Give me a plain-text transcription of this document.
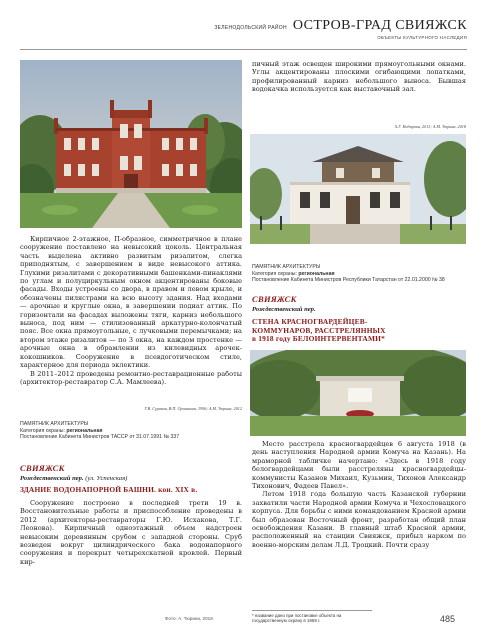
ЗЕЛЕНОДОЛЬСКИЙ РАЙОН ОСТРОВ-ГРАД СВИЯЖСК
ОБЪЕКТЫ КУЛЬТУРНОГО НАСЛЕДИЯ

пичный этаж освещен широкими прямоугольными окнами. Углы акцентированы плоскими огибающими лопатками, профилированный карниз небольшого выноса. Бывшая водокачка используется как выставочный зал.

Х.Г. Надирова, 2013; А.М. Тюрина, 2018

Кирпичное 2-этажное, П-образное, симметричное в плане сооружение поставлено на невысокий цоколь. Центральная часть выделена активно развитым ризалитом, слегка приподнятым, с завершением в виде невысокого аттика. Глухими ризалитами с декоративными башенками-пинаклями по углам и полуциркульным окном акцентированы боковые фасады. Входы устроены со двора, в правом и левом крыле, и обозначены пилястрами на всю высоту здания. Над входами — арочные и круглые окна, в завершении подиат аттик. По горизонтали на фасадах выложены тяги, карниз небольшого выноса, под ним — стилизованный аркатурно-колончатый пояс. Все окна прямоугольные, с лучковыми перемычками; на втором этаже ризалитов — по 3 окна, на каждом простенке — арочные окна в обрамлении из килевидных арочек-кокошников. Сооружение в псевдоготическом стиле, характерное для периода эклектики.

В 2011–2012 проведены ремонтно-реставрационные работы (архитектор-реставратор С.А. Мамлеева).

Г.В. Суриков, В.П. Оршанова, 1996; А.М. Тюрина, 2012
ПАМЯТНИК АРХИТЕКТУРЫ
Категория охраны: региональная
Постановление Кабинета Министров ТАССР от 31.07.1991 № 337
СВИЯЖСК
Рождественский пер. (ул. Успенская)
ЗДАНИЕ ВОДОНАПОРНОЙ БАШНИ. кон. XIX в.

Сооружение построено в последней трети 19 в. Восстановительные работы и приспособление проведены в 2012 (архитекторы-реставраторы Г.Ю. Исхакова, Т.Г. Леонова). Кирпичный одноэтажный объем надстроен невысоким деревянным срубом с западной стороны. Сруб возведен вокруг цилиндрического бака водонапорного сооружения и перекрыт четырехскатной кровлей. Первый кир-

ПАМЯТНИК АРХИТЕКТУРЫ
Категория охраны: региональная
Постановление Кабинета Министров Республики Татарстан от 22.01.2000 № 38
СВИЯЖСК
Рождественский пер.
СТЕНА КРАСНОГВАРДЕЙЦЕВ-
КОММУНАРОВ, РАССТРЕЛЯННЫХ
в 1918 году БЕЛОИНТЕРВЕНТАМИ*

Место расстрела красногвардейцев 6 августа 1918 (в день наступления Народной армии Комуча на Казань). На мраморной табличке начертано: «Здесь в 1918 году белогвардейцами были расстреляны красногвардейцы-коммунисты Казанов Михаил, Кузьмин, Тихонов Александр Тихонович, Фадеев Павел».

Летом 1918 года большую часть Казанской губернии захватили части Народной армии Комуча и Чехословацкого корпуса. Для борьбы с ними командованием Красной армии был образован Восточный фронт, разработан общий план освобождения Казани. В главный штаб Красной армии, расположенный на станции Свияжск, прибыл нарком по военно-морским делам Л.Д. Троцкий. Почти сразу

Фото: А. Тюрина, 2018
* название дано при постановке объекта на государственную охрану в 1959 г.	485
